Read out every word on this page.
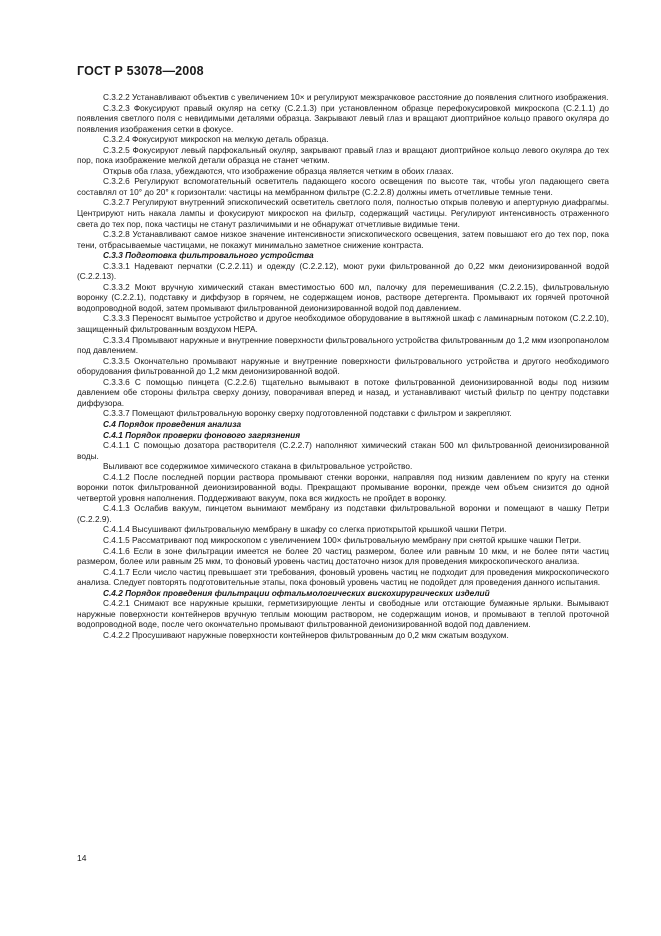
ГОСТ Р 53078—2008

С.3.2.2 Устанавливают объектив с увеличением 10× и регулируют межзрачковое расстояние до появления слитного изображения.

С.3.2.3 Фокусируют правый окуляр на сетку (С.2.1.3) при установленном образце перефокусировкой микроскопа (С.2.1.1) до появления светлого поля с невидимыми деталями образца. Закрывают левый глаз и вращают диоптрийное кольцо правого окуляра до появления изображения сетки в фокусе.

С.3.2.4 Фокусируют микроскоп на мелкую деталь образца.

С.3.2.5 Фокусируют левый парфокальный окуляр, закрывают правый глаз и вращают диоптрийное кольцо левого окуляра до тех пор, пока изображение мелкой детали образца не станет четким.

Открыв оба глаза, убеждаются, что изображение образца является четким в обоих глазах.

С.3.2.6 Регулируют вспомогательный осветитель падающего косого освещения по высоте так, чтобы угол падающего света составлял от 10° до 20° к горизонтали: частицы на мембранном фильтре (С.2.2.8) должны иметь отчетливые темные тени.

С.3.2.7 Регулируют внутренний эпископический осветитель светлого поля, полностью открыв полевую и апертурную диафрагмы. Центрируют нить накала лампы и фокусируют микроскоп на фильтр, содержащий частицы. Регулируют интенсивность отраженного света до тех пор, пока частицы не станут различимыми и не обнаружат отчетливые видимые тени.

С.3.2.8 Устанавливают самое низкое значение интенсивности эпископического освещения, затем повышают его до тех пор, пока тени, отбрасываемые частицами, не покажут минимально заметное снижение контраста.

С.3.3 Подготовка фильтровального устройства

С.3.3.1 Надевают перчатки (С.2.2.11) и одежду (С.2.2.12), моют руки фильтрованной до 0,22 мкм деионизированной водой (С.2.2.13).

С.3.3.2 Моют вручную химический стакан вместимостью 600 мл, палочку для перемешивания (С.2.2.15), фильтровальную воронку (С.2.2.1), подставку и диффузор в горячем, не содержащем ионов, растворе детергента. Промывают их горячей проточной водопроводной водой, затем промывают фильтрованной деионизированной водой под давлением.

С.3.3.3 Переносят вымытое устройство и другое необходимое оборудование в вытяжной шкаф с ламинарным потоком (С.2.2.10), защищенный фильтрованным воздухом НЕРА.

С.3.3.4 Промывают наружные и внутренние поверхности фильтровального устройства фильтрованным до 1,2 мкм изопропанолом под давлением.

С.3.3.5 Окончательно промывают наружные и внутренние поверхности фильтровального устройства и другого необходимого оборудования фильтрованной до 1,2 мкм деионизированной водой.

С.3.3.6 С помощью пинцета (С.2.2.6) тщательно вымывают в потоке фильтрованной деионизированной воды под низким давлением обе стороны фильтра сверху донизу, поворачивая вперед и назад, и устанавливают чистый фильтр по центру подставки диффузора.

С.3.3.7 Помещают фильтровальную воронку сверху подготовленной подставки с фильтром и закрепляют.

С.4 Порядок проведения анализа

С.4.1 Порядок проверки фонового загрязнения

С.4.1.1 С помощью дозатора растворителя (С.2.2.7) наполняют химический стакан 500 мл фильтрованной деионизированной воды.

Выливают все содержимое химического стакана в фильтровальное устройство.

С.4.1.2 После последней порции раствора промывают стенки воронки, направляя под низким давлением по кругу на стенки воронки поток фильтрованной деионизированной воды. Прекращают промывание воронки, прежде чем объем снизится до одной четвертой уровня наполнения. Поддерживают вакуум, пока вся жидкость не пройдет в воронку.

С.4.1.3 Ослабив вакуум, пинцетом вынимают мембрану из подставки фильтровальной воронки и помещают в чашку Петри (С.2.2.9).

С.4.1.4 Высушивают фильтровальную мембрану в шкафу со слегка приоткрытой крышкой чашки Петри.

С.4.1.5 Рассматривают под микроскопом с увеличением 100× фильтровальную мембрану при снятой крышке чашки Петри.

С.4.1.6 Если в зоне фильтрации имеется не более 20 частиц размером, более или равным 10 мкм, и не более пяти частиц размером, более или равным 25 мкм, то фоновый уровень частиц достаточно низок для проведения микроскопического анализа.

С.4.1.7 Если число частиц превышает эти требования, фоновый уровень частиц не подходит для проведения микроскопического анализа. Следует повторять подготовительные этапы, пока фоновый уровень частиц не подойдет для проведения данного испытания.

С.4.2 Порядок проведения фильтрации офтальмологических вискохирургических изделий

С.4.2.1 Снимают все наружные крышки, герметизирующие ленты и свободные или отстающие бумажные ярлыки. Вымывают наружные поверхности контейнеров вручную теплым моющим раствором, не содержащим ионов, и промывают в теплой проточной водопроводной воде, после чего окончательно промывают фильтрованной деионизированной водой под давлением.

С.4.2.2 Просушивают наружные поверхности контейнеров фильтрованным до 0,2 мкм сжатым воздухом.

14
